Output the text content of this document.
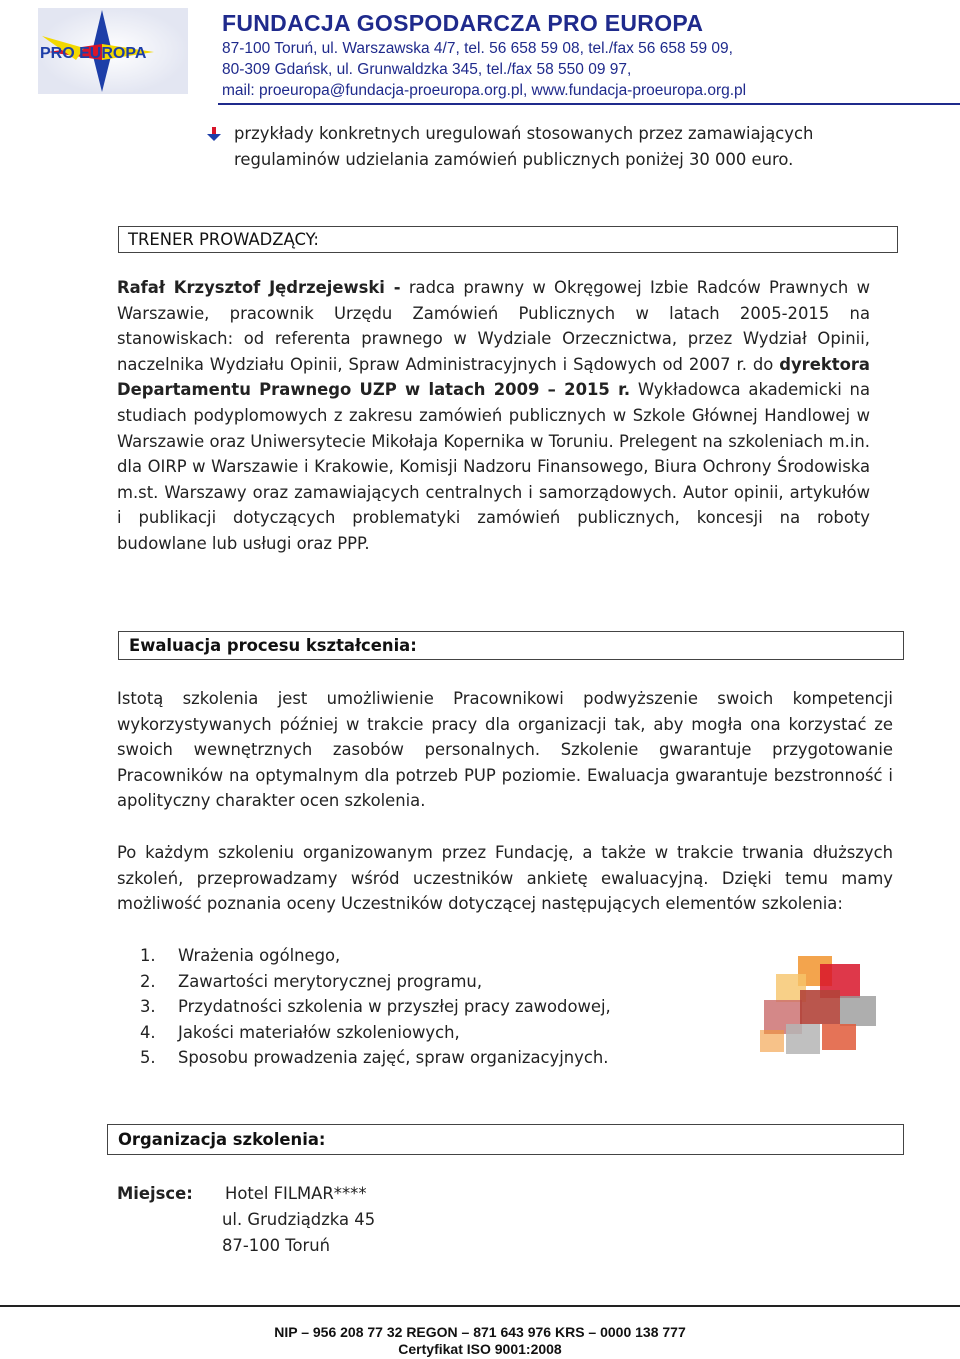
PRO EUROPA
FUNDACJA GOSPODARCZA PRO EUROPA
87-100 Toruń, ul. Warszawska 4/7, tel. 56 658 59 08, tel./fax 56 658 59 09,
80-309 Gdańsk, ul. Grunwaldzka 345, tel./fax 58 550 09 97,
mail: proeuropa@fundacja-proeuropa.org.pl, www.fundacja-proeuropa.org.pl
przykłady konkretnych uregulowań stosowanych przez zamawiających
regulaminów udzielania zamówień publicznych poniżej 30 000 euro.
TRENER PROWADZĄCY:
Rafał Krzysztof Jędrzejewski - radca prawny w Okręgowej Izbie Radców Prawnych w Warszawie, pracownik Urzędu Zamówień Publicznych w latach 2005-2015 na stanowiskach: od referenta prawnego w Wydziale Orzecznictwa, przez Wydział Opinii, naczelnika Wydziału Opinii, Spraw Administracyjnych i Sądowych od 2007 r. do dyrektora Departamentu Prawnego UZP w latach 2009 – 2015 r. Wykładowca akademicki na studiach podyplomowych z zakresu zamówień publicznych w Szkole Głównej Handlowej w Warszawie oraz Uniwersytecie Mikołaja Kopernika w Toruniu. Prelegent na szkoleniach m.in. dla OIRP w Warszawie i Krakowie, Komisji Nadzoru Finansowego, Biura Ochrony Środowiska m.st. Warszawy oraz zamawiających centralnych i samorządowych. Autor opinii, artykułów i publikacji dotyczących problematyki zamówień publicznych, koncesji na roboty budowlane lub usługi oraz PPP.
Ewaluacja procesu kształcenia:
Istotą szkolenia jest umożliwienie Pracownikowi podwyższenie swoich kompetencji wykorzystywanych później w trakcie pracy dla organizacji tak, aby mogła ona korzystać ze swoich wewnętrznych zasobów personalnych. Szkolenie gwarantuje przygotowanie Pracowników na optymalnym dla potrzeb PUP poziomie. Ewaluacja gwarantuje bezstronność i apolityczny charakter ocen szkolenia.
Po każdym szkoleniu organizowanym przez Fundację, a także w trakcie trwania dłuższych szkoleń, przeprowadzamy wśród uczestników ankietę ewaluacyjną. Dzięki temu mamy możliwość poznania oceny Uczestników dotyczącej następujących elementów szkolenia:
1.	Wrażenia ogólnego,
2.	Zawartości merytorycznej programu,
3.	Przydatności szkolenia w przyszłej pracy zawodowej,
4.	Jakości materiałów szkoleniowych,
5.	Sposobu prowadzenia zajęć, spraw organizacyjnych.
Organizacja szkolenia:
Miejsce: Hotel FILMAR****
ul. Grudziądzka 45
87-100 Toruń
NIP – 956 208 77 32 REGON – 871 643 976 KRS – 0000 138 777
Certyfikat ISO 9001:2008
